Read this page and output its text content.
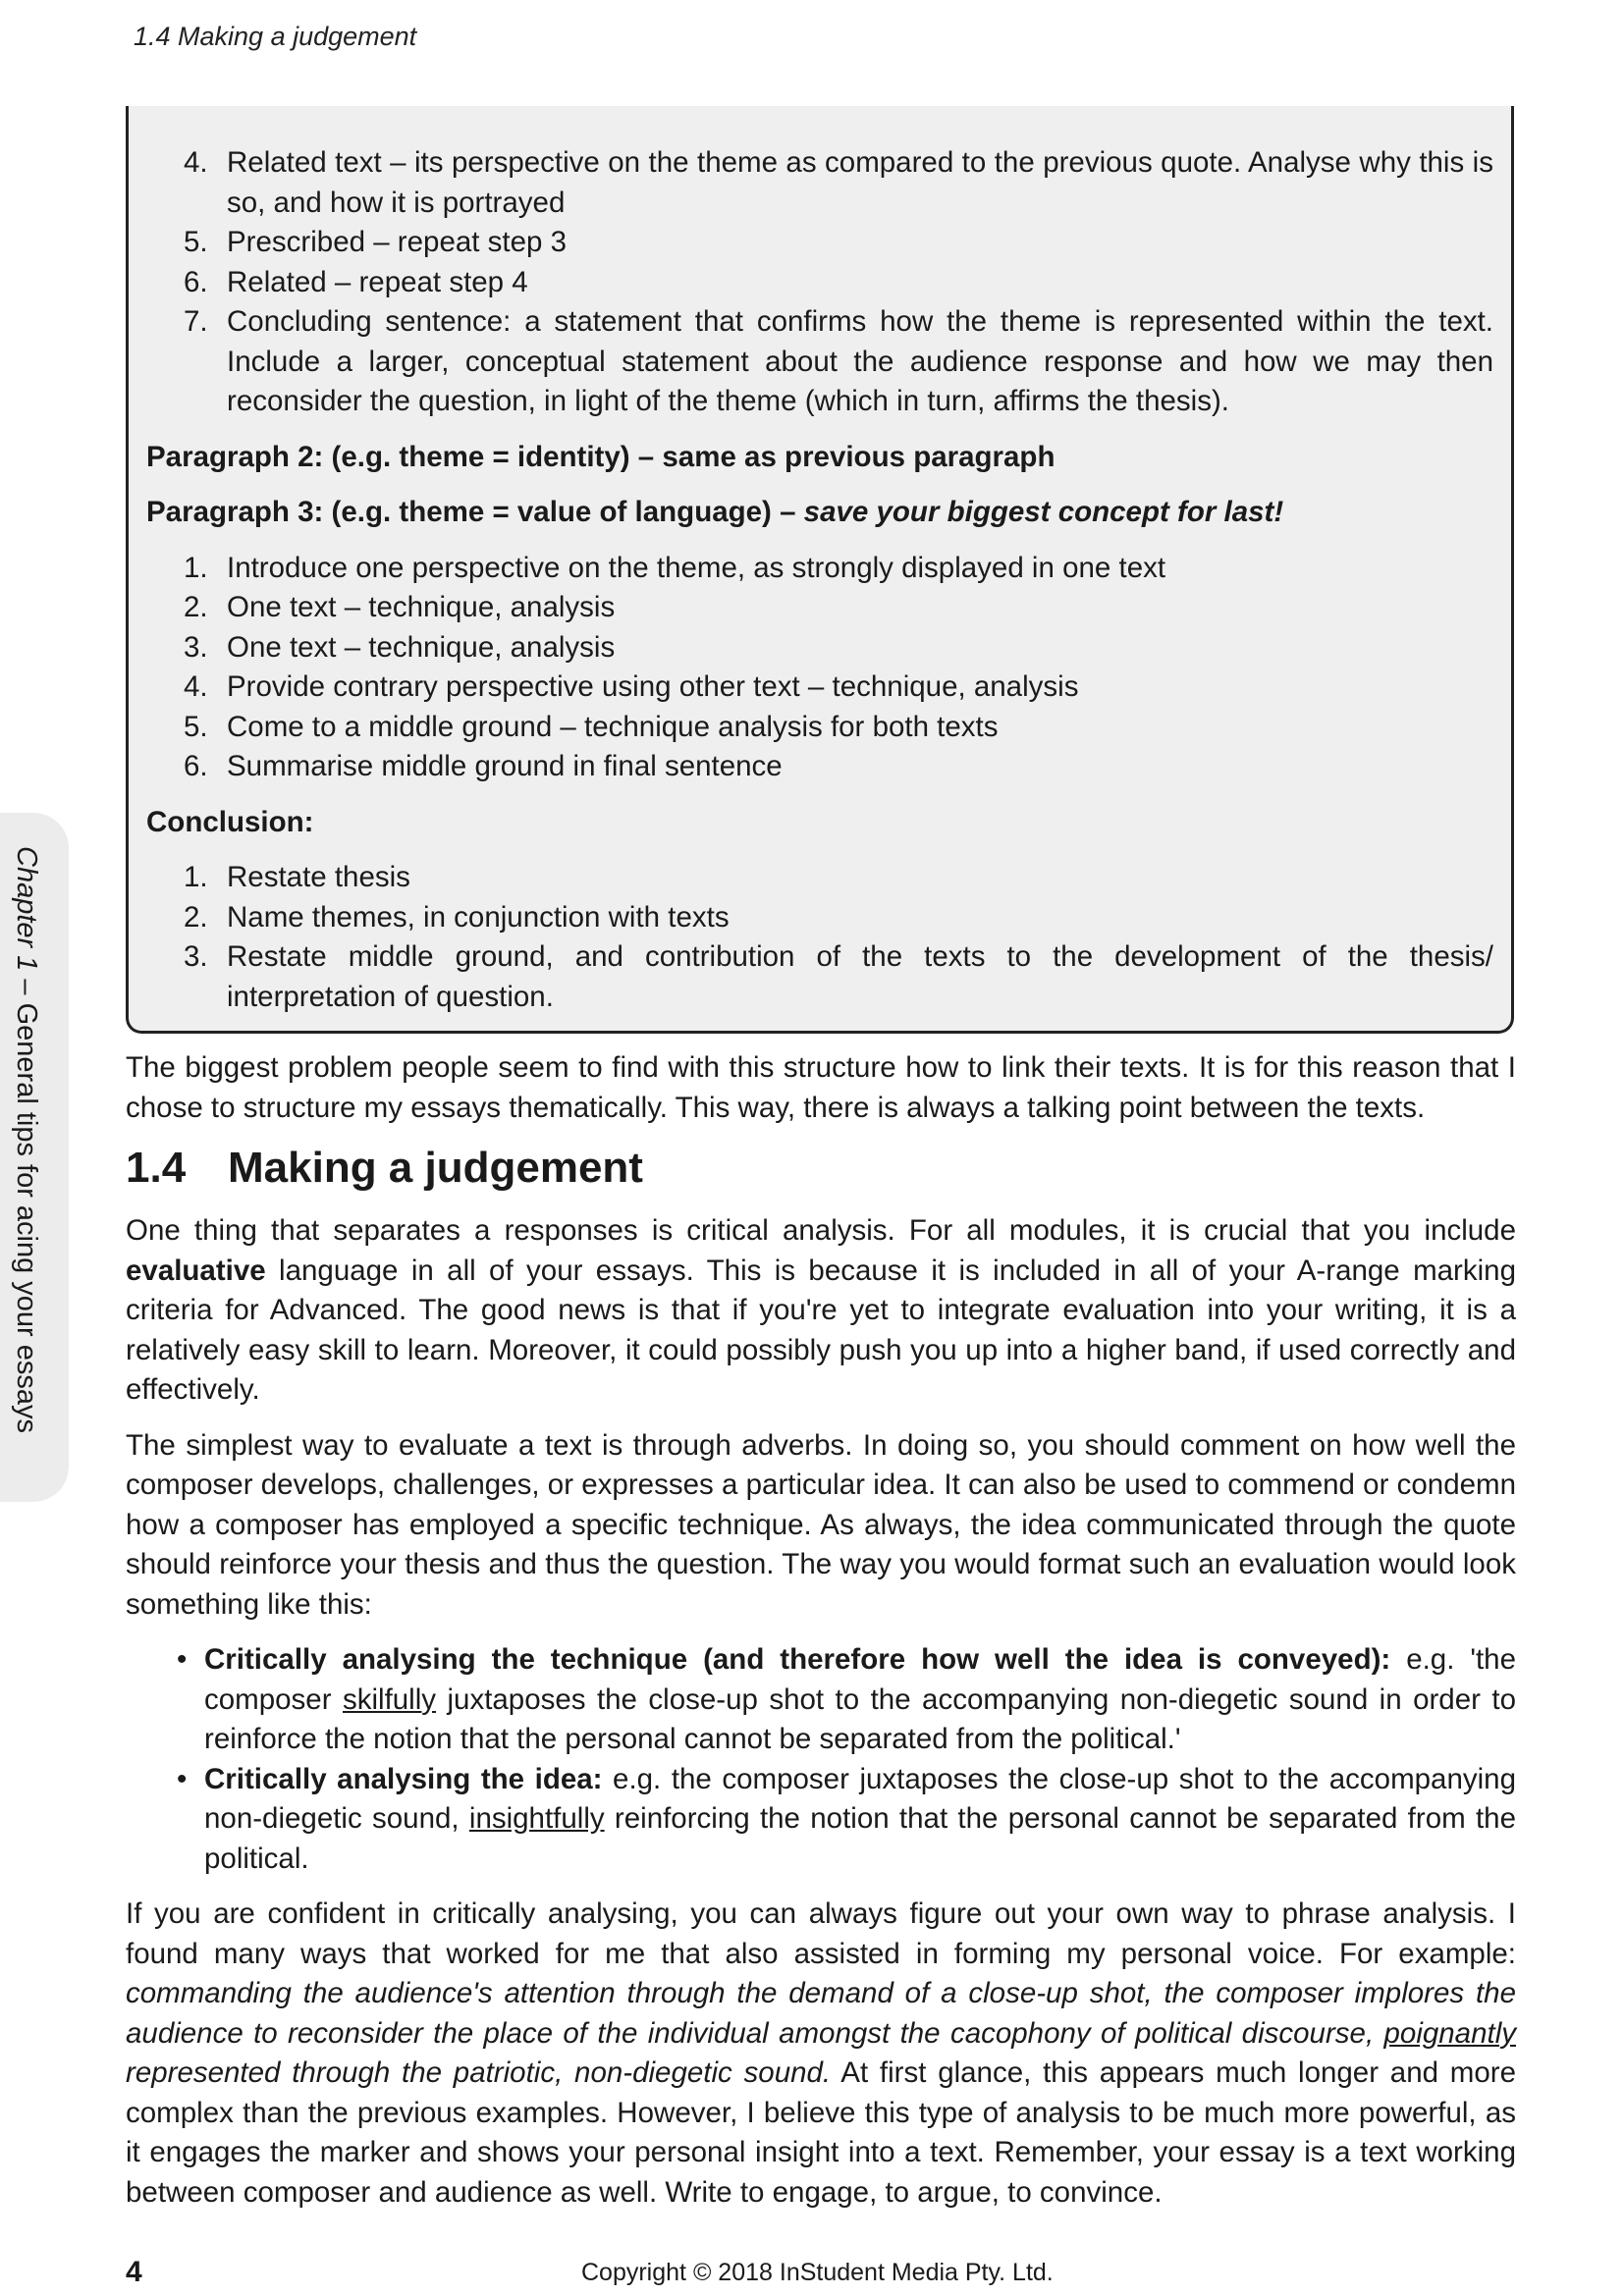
1.4 Making a judgement
Chapter 1 – General tips for acing your essays
4. Related text – its perspective on the theme as compared to the previous quote. Analyse why this is so, and how it is portrayed
5. Prescribed – repeat step 3
6. Related – repeat step 4
7. Concluding sentence: a statement that confirms how the theme is represented within the text. Include a larger, conceptual statement about the audience response and how we may then reconsider the question, in light of the theme (which in turn, affirms the thesis).
Paragraph 2: (e.g. theme = identity) – same as previous paragraph
Paragraph 3: (e.g. theme = value of language) – save your biggest concept for last!
1. Introduce one perspective on the theme, as strongly displayed in one text
2. One text – technique, analysis
3. One text – technique, analysis
4. Provide contrary perspective using other text – technique, analysis
5. Come to a middle ground – technique analysis for both texts
6. Summarise middle ground in final sentence
Conclusion:
1. Restate thesis
2. Name themes, in conjunction with texts
3. Restate middle ground, and contribution of the texts to the development of the thesis/ interpretation of question.

The biggest problem people seem to find with this structure how to link their texts. It is for this reason that I chose to structure my essays thematically. This way, there is always a talking point between the texts.

1.4 Making a judgement

One thing that separates a responses is critical analysis. For all modules, it is crucial that you include evaluative language in all of your essays. This is because it is included in all of your A-range marking criteria for Advanced. The good news is that if you're yet to integrate evaluation into your writing, it is a relatively easy skill to learn. Moreover, it could possibly push you up into a higher band, if used correctly and effectively.

The simplest way to evaluate a text is through adverbs. In doing so, you should comment on how well the composer develops, challenges, or expresses a particular idea. It can also be used to commend or condemn how a composer has employed a specific technique. As always, the idea communicated through the quote should reinforce your thesis and thus the question. The way you would format such an evaluation would look something like this:

• Critically analysing the technique (and therefore how well the idea is conveyed): e.g. 'the composer skilfully juxtaposes the close-up shot to the accompanying non-diegetic sound in order to reinforce the notion that the personal cannot be separated from the political.'
• Critically analysing the idea: e.g. the composer juxtaposes the close-up shot to the accompanying non-diegetic sound, insightfully reinforcing the notion that the personal cannot be separated from the political.

If you are confident in critically analysing, you can always figure out your own way to phrase analysis. I found many ways that worked for me that also assisted in forming my personal voice. For example: commanding the audience's attention through the demand of a close-up shot, the composer implores the audience to reconsider the place of the individual amongst the cacophony of political discourse, poignantly represented through the patriotic, non-diegetic sound. At first glance, this appears much longer and more complex than the previous examples. However, I believe this type of analysis to be much more powerful, as it engages the marker and shows your personal insight into a text. Remember, your essay is a text working between composer and audience as well. Write to engage, to argue, to convince.

4	Copyright © 2018 InStudent Media Pty. Ltd.
